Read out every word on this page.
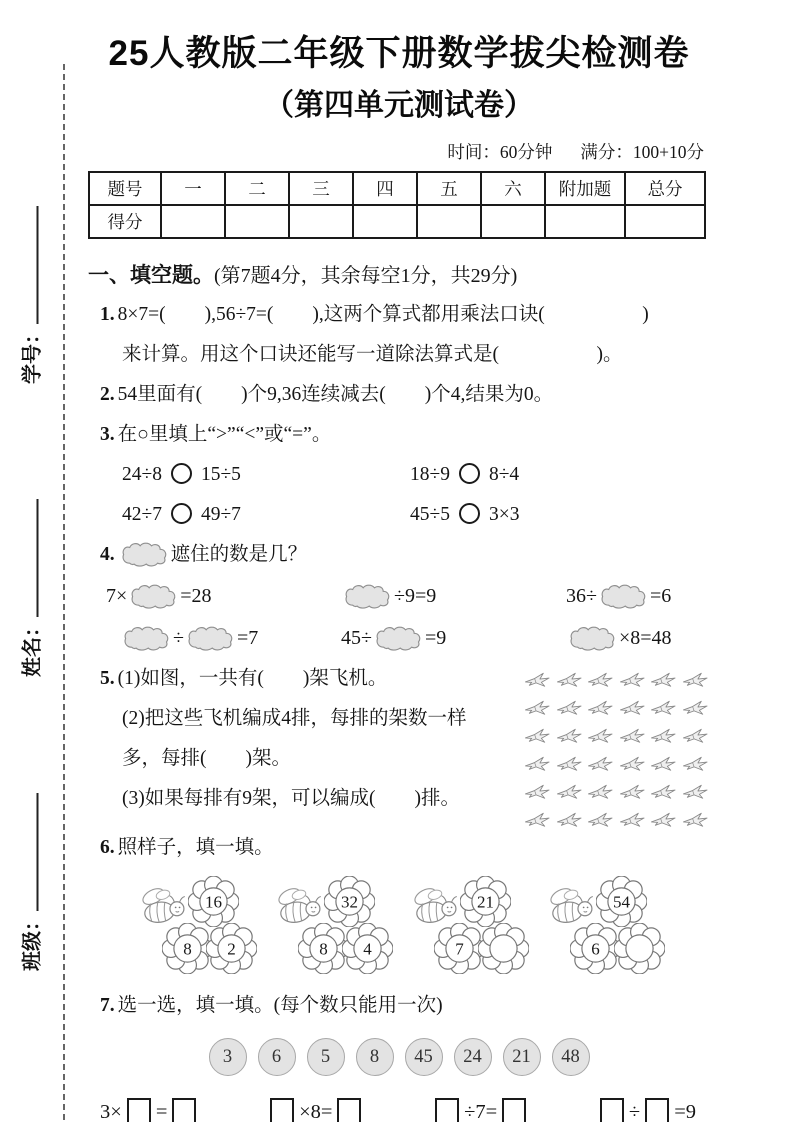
学号：
姓名：
班级：
25人教版二年级下册数学拔尖检测卷
（第四单元测试卷）
时间：60分钟 满分：100+10分
题号	一	二	三	四	五	六	附加题	总分
得分								
一、填空题。(第7题4分，其余每空1分，共29分)
1. 8×7=(　　),56÷7=(　　),这两个算式都用乘法口诀(　　　　　)
来计算。用这个口诀还能写一道除法算式是(　　　　　)。
2. 54里面有(　　)个9,36连续减去(　　)个4,结果为0。
3. 在○里填上“>”“<”或“=”。
24÷8 15÷5	18÷9 8÷4
42÷7 49÷7	45÷5 3×3
4.	遮住的数是几？
7×	=28	÷9=9	36÷	=6
÷	=7	45÷	=9	×8=48
5. (1)如图，一共有(　　)架飞机。
(2)把这些飞机编成4排，每排的架数一样
多，每排(　　)架。
(3)如果每排有9架，可以编成(　　)排。
6. 照样子，填一填。
16
8 2
32
8 4
21
7
54
6
7. 选一选，填一填。(每个数只能用一次)
3	6	5	8	45	24	21	48
3× =	×8=	÷7=	÷ =9
